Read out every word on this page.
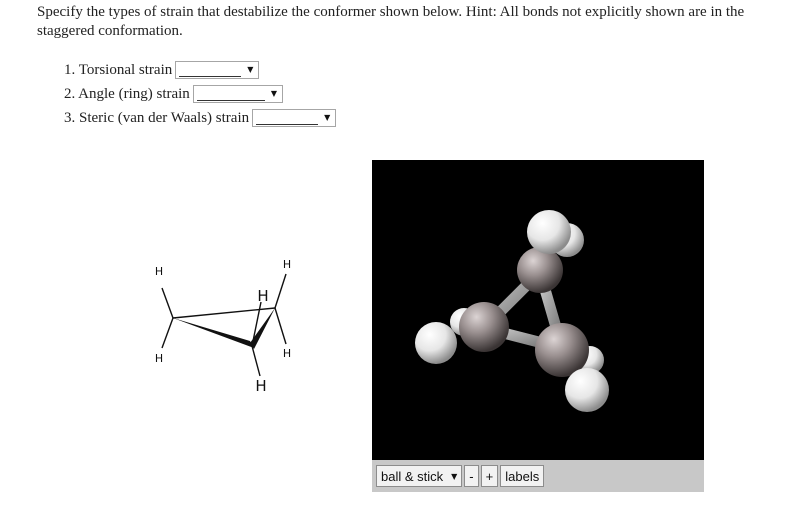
Specify the types of strain that destabilize the conformer shown below. Hint: All bonds not explicitly shown are in the staggered conformation.

1. Torsional strain	▼
2. Angle (ring) strain	▼
3. Steric (van der Waals) strain	▼
H
H
H
H
H
H
ball & stick ▼ - + labels
